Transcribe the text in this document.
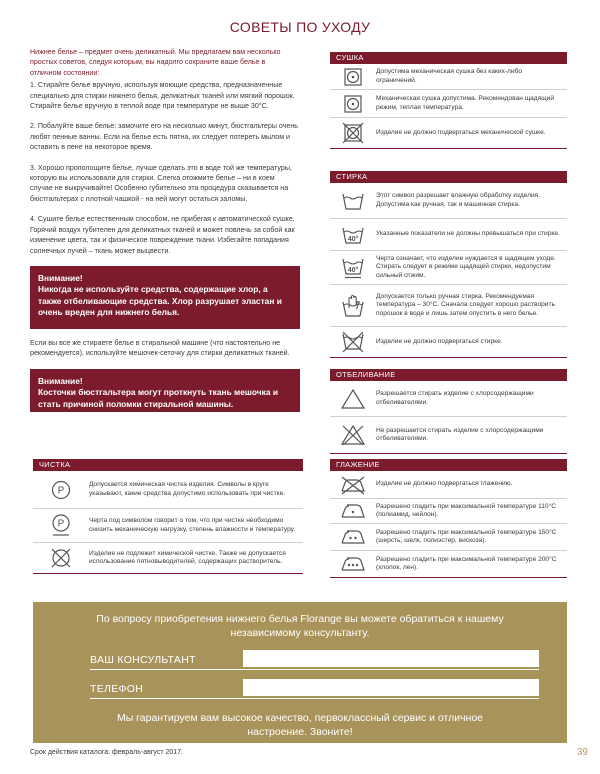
СОВЕТЫ ПО УХОДУ

Нижнее белье – предмет очень деликатный. Мы предлагаем вам несколько простых советов, следуя которым, вы надолго сохраните ваше белье в отличном состоянии:

1. Стирайте белье вручную, используя моющие средства, предназначенные специально для стирки нижнего белья, деликатных тканей или мягкий порошок. Стирайте белье вручную в теплой воде при температуре не выше 30°С.

2. Побалуйте ваше белье: замочите его на несколько минут, бюстгальтеры очень любят пенные ванны. Если на белье есть пятна, их следует потереть мылом и оставить в пене на некоторое время.

3. Хорошо прополощите белье, лучше сделать это в воде той же температуры, которую вы использовали для стирки. Слегка отожмите белье – ни в коем случае не выкручивайте! Особенно губительно эта процедура сказывается на бюстгальтерах с плотной чашкой - на ней могут остаться заломы.

4. Сушите белье естественным способом, не прибегая к автоматической сушке. Горячий воздух губителен для деликатных тканей и может повлечь за собой как изменение цвета, так и физическое повреждение ткани. Избегайте попадания солнечных лучей – ткань может выцвести.

Внимание!
Никогда не используйте средства, содержащие хлор, а также отбеливающие средства. Хлор разрушает эластан и очень вреден для нижнего белья.

Если вы все же стираете белье в стиральной машине (что настоятельно не рекомендуется), используйте мешочек-сеточку для стирки деликатных тканей.

Внимание!
Косточки бюстгальтера могут проткнуть ткань мешочка и стать причиной поломки стиральной машины.
СУШКА
Допустима механическая сушка без каких-либо ограничений.
Механическая сушка допустима. Рекомендован щадящий режим, теплая температура.
Изделие не должно подвергаться механической сушке.
СТИРКА
Этот символ разрешает влажную обработку изделия. Допустима как ручная, так и машинная стирка.
40°
Указанные показатели не должны превышаться при стирке.
40°
Черта означает, что изделие нуждается в щадящем уходе. Стирать следует в режиме щадящей стирки, недопустим сильный отжим.
Допускается только ручная стирка. Рекомендуемая температура – 30°С. Сначала следует хорошо растворить порошок в воде и лишь затем опустить в него белье.
Изделие не должно подвергаться стирке.
ОТБЕЛИВАНИЕ
Разрешается стирать изделие с хлорсодержащими отбеливателями.
Не разрешается стирать изделие с хлорсодержащими отбеливателями.
ЧИСТКА
P
Допускается химическая чистка изделия. Символы в круге указывают, какие средства допустимо использовать при чистке.
P	Черта под символом говорит о том, что при чистке необходимо снизить механическую нагрузку, степень влажности и температуру.
Изделие не подлежит химической чистке. Также не допускается использование пятновыводителей, содержащих растворитель.
ГЛАЖЕНИЕ
Изделие не должно подвергаться глажению.
Разрешено гладить при максимальной температуре 110°С (полиамид, нейлон).
Разрешено гладить при максимальной температуре 150°С (шерсть, шелк, полиэстер, вискоза).
Разрешено гладить при максимальной температуре 200°С (хлопок, лен).
По вопросу приобретения нижнего белья Florange вы можете обратиться к нашему независимому консультанту.
ВАШ КОНСУЛЬТАНТ
ТЕЛЕФОН
Мы гарантируем вам высокое качество, первоклассный сервис и отличное настроение. Звоните!
Срок действия каталога: февраль-август 2017.	39
